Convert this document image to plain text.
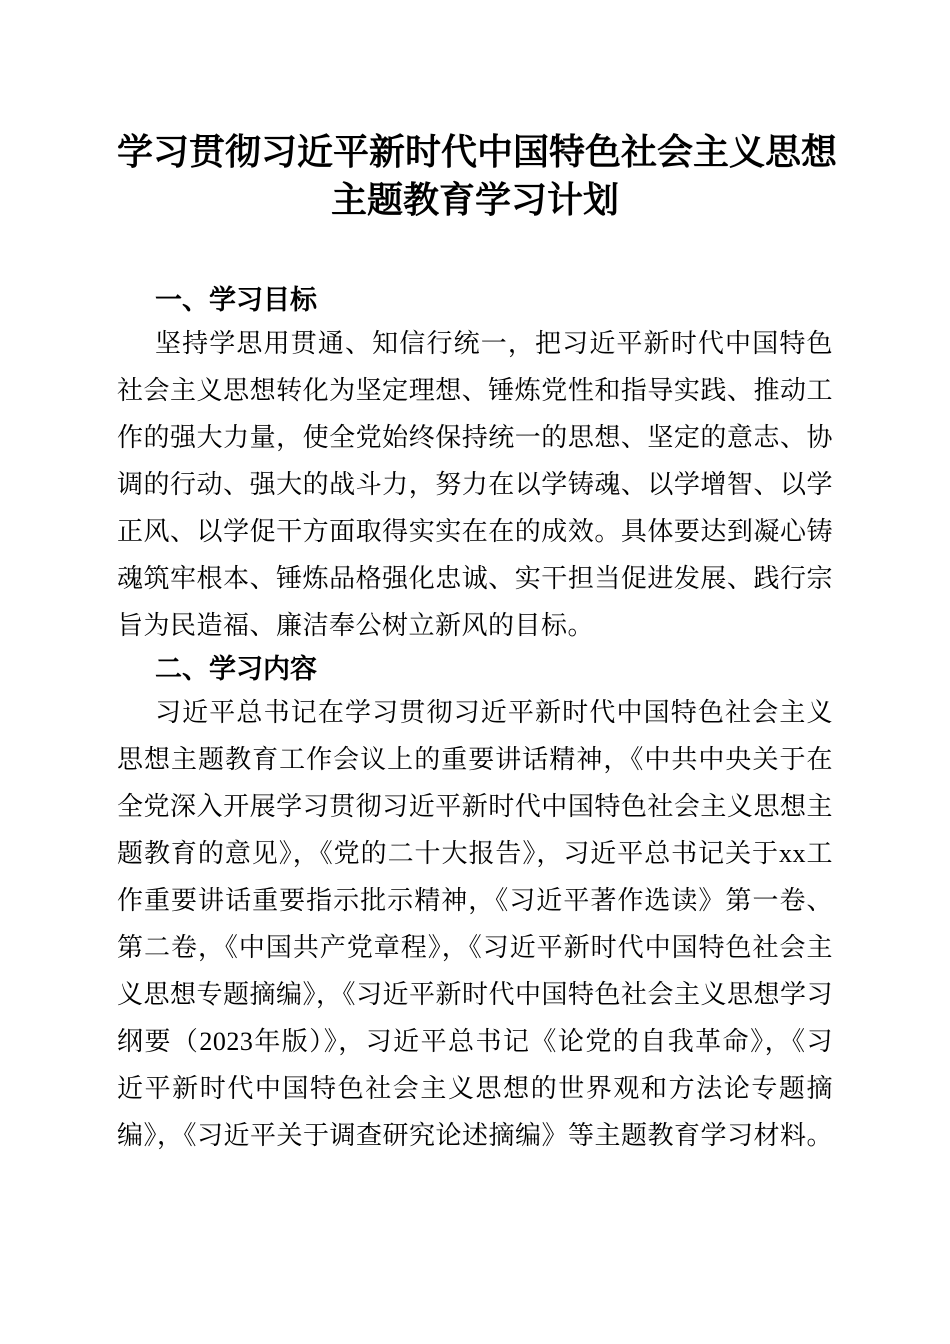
学习贯彻习近平新时代中国特色社会主义思想
主题教育学习计划
一、学习目标

坚持学思用贯通、知信行统一，把习近平新时代中国特色社会主义思想转化为坚定理想、锤炼党性和指导实践、推动工作的强大力量，使全党始终保持统一的思想、坚定的意志、协调的行动、强大的战斗力，努力在以学铸魂、以学增智、以学正风、以学促干方面取得实实在在的成效。具体要达到凝心铸魂筑牢根本、锤炼品格强化忠诚、实干担当促进发展、践行宗旨为民造福、廉洁奉公树立新风的目标。

二、学习内容

习近平总书记在学习贯彻习近平新时代中国特色社会主义思想主题教育工作会议上的重要讲话精神，《中共中央关于在全党深入开展学习贯彻习近平新时代中国特色社会主义思想主题教育的意见》，《党的二十大报告》，习近平总书记关于xx工作重要讲话重要指示批示精神，《习近平著作选读》第一卷、第二卷，《中国共产党章程》，《习近平新时代中国特色社会主义思想专题摘编》，《习近平新时代中国特色社会主义思想学习纲要（2023年版）》，习近平总书记《论党的自我革命》，《习近平新时代中国特色社会主义思想的世界观和方法论专题摘编》，《习近平关于调查研究论述摘编》等主题教育学习材料。
